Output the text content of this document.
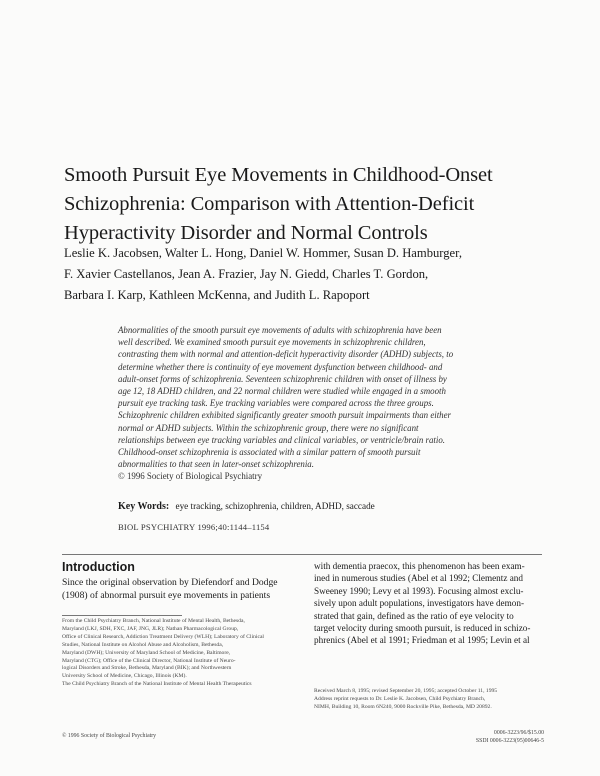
Smooth Pursuit Eye Movements in Childhood-Onset
Schizophrenia: Comparison with Attention-Deficit
Hyperactivity Disorder and Normal Controls
Leslie K. Jacobsen, Walter L. Hong, Daniel W. Hommer, Susan D. Hamburger,
F. Xavier Castellanos, Jean A. Frazier, Jay N. Giedd, Charles T. Gordon,
Barbara I. Karp, Kathleen McKenna, and Judith L. Rapoport
Abnormalities of the smooth pursuit eye movements of adults with schizophrenia have been
well described. We examined smooth pursuit eye movements in schizophrenic children,
contrasting them with normal and attention-deficit hyperactivity disorder (ADHD) subjects, to
determine whether there is continuity of eye movement dysfunction between childhood- and
adult-onset forms of schizophrenia. Seventeen schizophrenic children with onset of illness by
age 12, 18 ADHD children, and 22 normal children were studied while engaged in a smooth
pursuit eye tracking task. Eye tracking variables were compared across the three groups.
Schizophrenic children exhibited significantly greater smooth pursuit impairments than either
normal or ADHD subjects. Within the schizophrenic group, there were no significant
relationships between eye tracking variables and clinical variables, or ventricle/brain ratio.
Childhood-onset schizophrenia is associated with a similar pattern of smooth pursuit
abnormalities to that seen in later-onset schizophrenia.
© 1996 Society of Biological Psychiatry
Key Words: eye tracking, schizophrenia, children, ADHD, saccade
BIOL PSYCHIATRY 1996;40:1144–1154
Introduction
Since the original observation by Diefendorf and Dodge
(1908) of abnormal pursuit eye movements in patients
with dementia praecox, this phenomenon has been exam-
ined in numerous studies (Abel et al 1992; Clementz and
Sweeney 1990; Levy et al 1993). Focusing almost exclu-
sively upon adult populations, investigators have demon-
strated that gain, defined as the ratio of eye velocity to
target velocity during smooth pursuit, is reduced in schizo-
phrenics (Abel et al 1991; Friedman et al 1995; Levin et al
From the Child Psychiatry Branch, National Institute of Mental Health, Bethesda,
Maryland (LKJ, SDH, FXC, JAF, JNG, JLR); Nathan Pharmacological Group,
Office of Clinical Research, Addiction Treatment Delivery (WLH); Laboratory of Clinical
Studies, National Institute on Alcohol Abuse and Alcoholism, Bethesda,
Maryland (DWH); University of Maryland School of Medicine, Baltimore,
Maryland (CTG); Office of the Clinical Director, National Institute of Neuro-
logical Disorders and Stroke, Bethesda, Maryland (BIK); and Northwestern
University School of Medicine, Chicago, Illinois (KM).
The Child Psychiatry Branch of the National Institute of Mental Health Therapeutics
Received March 8, 1995; revised September 20, 1995; accepted October 11, 1995
Address reprint requests to Dr. Leslie K. Jacobsen, Child Psychiatry Branch,
NIMH, Building 10, Room 6N240, 9000 Rockville Pike, Bethesda, MD 20892.
© 1996 Society of Biological Psychiatry	0006-3223/96/$15.00
SSDI 0006-3223(95)00646-5
